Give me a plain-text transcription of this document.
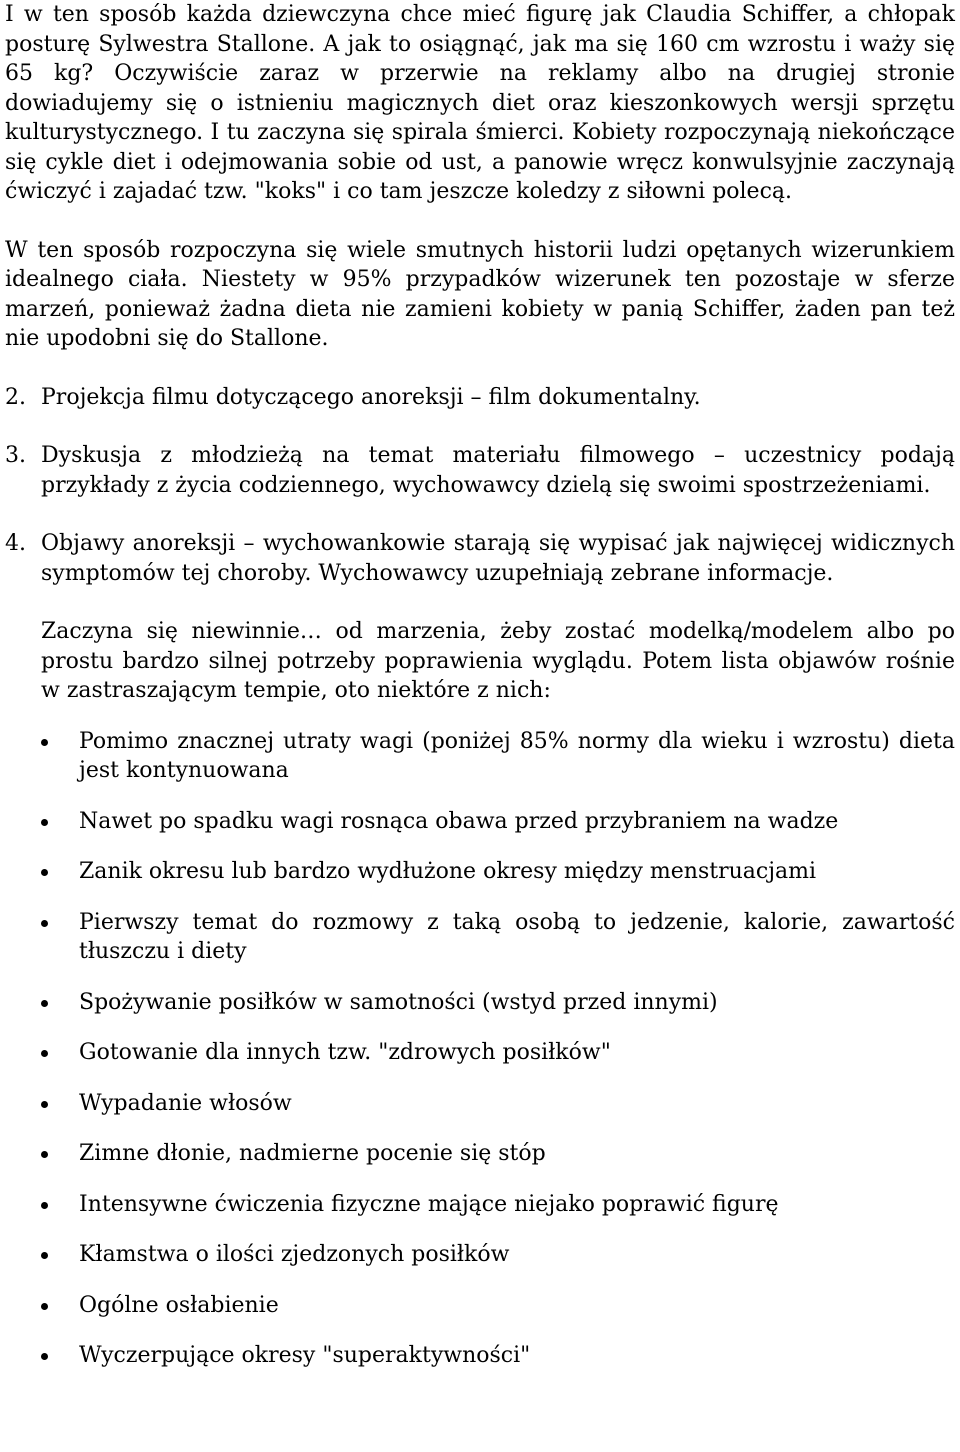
I w ten sposób każda dziewczyna chce mieć figurę jak Claudia Schiffer, a chłopak posturę Sylwestra Stallone. A jak to osiągnąć, jak ma się 160 cm wzrostu i waży się 65 kg? Oczywiście zaraz w przerwie na reklamy albo na drugiej stronie dowiadujemy się o istnieniu magicznych diet oraz kieszonkowych wersji sprzętu kulturystycznego. I tu zaczyna się spirala śmierci. Kobiety rozpoczynają niekończące się cykle diet i odejmowania sobie od ust, a panowie wręcz konwulsyjnie zaczynają ćwiczyć i zajadać tzw. "koks" i co tam jeszcze koledzy z siłowni polecą.

W ten sposób rozpoczyna się wiele smutnych historii ludzi opętanych wizerunkiem idealnego ciała. Niestety w 95% przypadków wizerunek ten pozostaje w sferze marzeń, ponieważ żadna dieta nie zamieni kobiety w panią Schiffer, żaden pan też nie upodobni się do Stallone.

2. Projekcja filmu dotyczącego anoreksji – film dokumentalny.
3. Dyskusja z młodzieżą na temat materiału filmowego – uczestnicy podają przykłady z życia codziennego, wychowawcy dzielą się swoimi spostrzeżeniami.
4. Objawy anoreksji – wychowankowie starają się wypisać jak najwięcej widicznych symptomów tej choroby. Wychowawcy uzupełniają zebrane informacje.

Zaczyna się niewinnie… od marzenia, żeby zostać modelką/modelem albo po prostu bardzo silnej potrzeby poprawienia wyglądu. Potem lista objawów rośnie w zastraszającym tempie, oto niektóre z nich:

Pomimo znacznej utraty wagi (poniżej 85% normy dla wieku i wzrostu) dieta jest kontynuowana
Nawet po spadku wagi rosnąca obawa przed przybraniem na wadze
Zanik okresu lub bardzo wydłużone okresy między menstruacjami
Pierwszy temat do rozmowy z taką osobą to jedzenie, kalorie, zawartość tłuszczu i diety
Spożywanie posiłków w samotności (wstyd przed innymi)
Gotowanie dla innych tzw. "zdrowych posiłków"
Wypadanie włosów
Zimne dłonie, nadmierne pocenie się stóp
Intensywne ćwiczenia fizyczne mające niejako poprawić figurę
Kłamstwa o ilości zjedzonych posiłków
Ogólne osłabienie
Wyczerpujące okresy "superaktywności"
